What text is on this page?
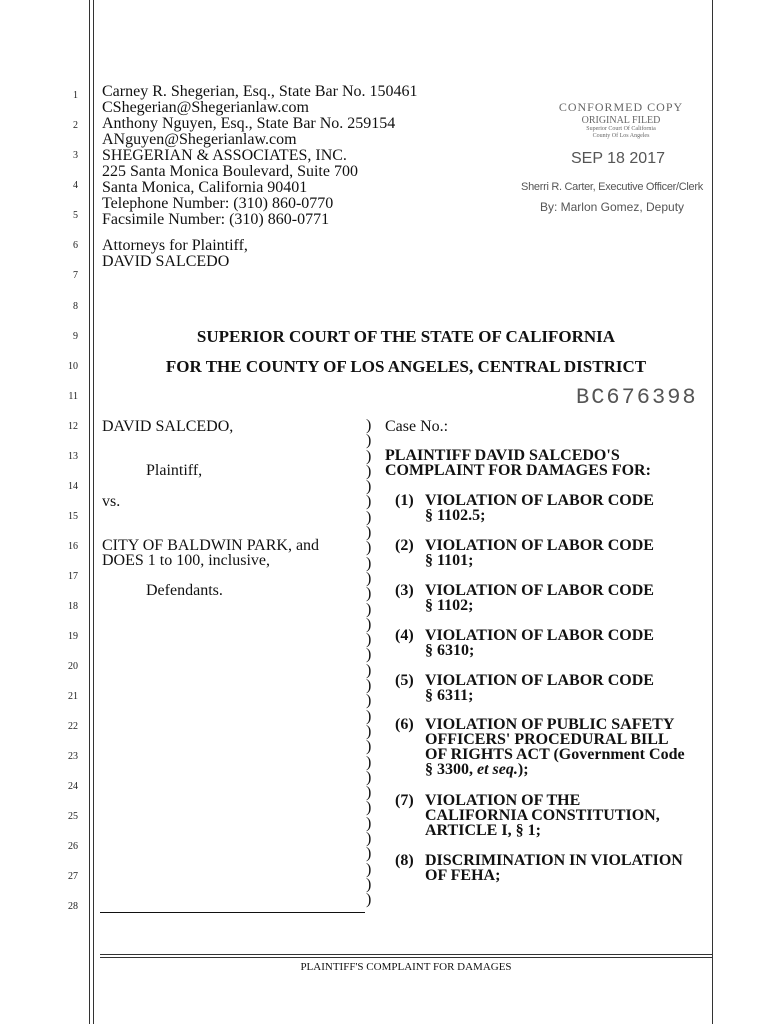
1
2
3
4
5
6
7
8
9
10
11
12
13
14
15
16
17
18
19
20
21
22
23
24
25
26
27
28
Carney R. Shegerian, Esq., State Bar No. 150461
CShegerian@Shegerianlaw.com
Anthony Nguyen, Esq., State Bar No. 259154
ANguyen@Shegerianlaw.com
SHEGERIAN & ASSOCIATES, INC.
225 Santa Monica Boulevard, Suite 700
Santa Monica, California 90401
Telephone Number: (310) 860-0770
Facsimile Number: (310) 860-0771
Attorneys for Plaintiff,
DAVID SALCEDO
CONFORMED COPY
ORIGINAL FILED
Superior Court Of California
County Of Los Angeles
SEP 18 2017
Sherri R. Carter, Executive Officer/Clerk
By: Marlon Gomez, Deputy
SUPERIOR COURT OF THE STATE OF CALIFORNIA
FOR THE COUNTY OF LOS ANGELES, CENTRAL DISTRICT
BC676398
DAVID SALCEDO,
Plaintiff,
vs.
CITY OF BALDWIN PARK, and
DOES 1 to 100, inclusive,
Defendants.
)
)
)
)
)
)
)
)
)
)
)
)
)
)
)
)
)
)
)
)
)
)
)
)
)
)
)
)
)
)
)
)
Case No.:
PLAINTIFF DAVID SALCEDO'S
COMPLAINT FOR DAMAGES FOR:
(1) VIOLATION OF LABOR CODE
§ 1102.5;
(2) VIOLATION OF LABOR CODE
§ 1101;
(3) VIOLATION OF LABOR CODE
§ 1102;
(4) VIOLATION OF LABOR CODE
§ 6310;
(5) VIOLATION OF LABOR CODE
§ 6311;
(6) VIOLATION OF PUBLIC SAFETY
OFFICERS' PROCEDURAL BILL
OF RIGHTS ACT (Government Code
§ 3300, et seq.);
(7) VIOLATION OF THE
CALIFORNIA CONSTITUTION,
ARTICLE I, § 1;
(8) DISCRIMINATION IN VIOLATION
OF FEHA;
PLAINTIFF'S COMPLAINT FOR DAMAGES
